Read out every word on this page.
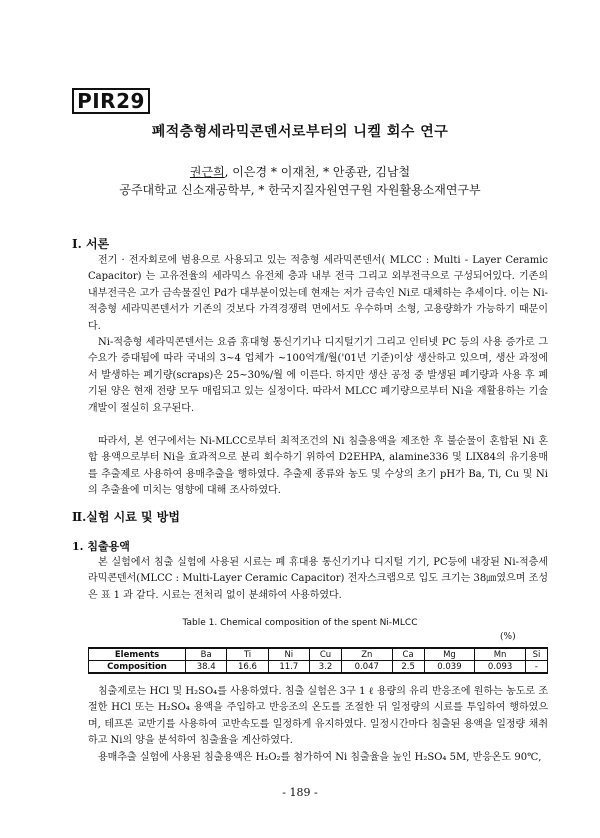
PIR29
폐적층형세라믹콘덴서로부터의 니켈 회수 연구
권근희, 이은경 * 이재천, * 안종관, 김남철
공주대학교 신소재공학부, * 한국지질자원연구원 자원활용소재연구부
Ⅰ. 서론

전기 · 전자회로에 범용으로 사용되고 있는 적층형 세라믹콘덴서( MLCC : Multi - Layer Ceramic Capacitor) 는 고유전율의 세라믹스 유전체 층과 내부 전극 그리고 외부전극으로 구성되어있다. 기존의 내부전극은 고가 금속물질인 Pd가 대부분이었는데 현재는 저가 금속인 Ni로 대체하는 추세이다. 이는 Ni-적층형 세라믹콘덴서가 기존의 것보다 가격경쟁력 면에서도 우수하며 소형, 고용량화가 가능하기 때문이다.

Ni-적층형 세라믹콘덴서는 요즘 휴대형 통신기기나 디지털기기 그리고 인터넷 PC 등의 사용 증가로 그 수요가 증대됨에 따라 국내의 3~4 업체가 ~100억개/월('01년 기준)이상 생산하고 있으며, 생산 과정에서 발생하는 폐기량(scraps)은 25~30%/월 에 이른다. 하지만 생산 공정 중 발생된 폐기량과 사용 후 폐기된 양은 현재 전량 모두 매립되고 있는 실정이다. 따라서 MLCC 폐기량으로부터 Ni을 재활용하는 기술 개발이 절실히 요구된다.

따라서, 본 연구에서는 Ni-MLCC로부터 최적조건의 Ni 침출용액을 제조한 후 불순물이 혼합된 Ni 혼합 용액으로부터 Ni을 효과적으로 분리 회수하기 위하여 D2EHPA, alamine336 및 LIX84의 유기용매를 추출제로 사용하여 용매추출을 행하였다. 추출제 종류와 농도 및 수상의 초기 pH가 Ba, Ti, Cu 및 Ni의 추출율에 미치는 영향에 대해 조사하였다.

Ⅱ.실험 시료 및 방법
1. 침출용액

본 실험에서 침출 실험에 사용된 시료는 폐 휴대용 통신기기나 디지털 기기, PC등에 내장된 Ni-적층세라믹콘덴서(MLCC : Multi-Layer Ceramic Capacitor) 전자스크랩으로 입도 크기는 38㎛였으며 조성은 표 1 과 같다. 시료는 전처리 없이 분쇄하여 사용하였다.

Table 1. Chemical composition of the spent Ni-MLCC
(%)
Elements	Ba	Ti	Ni	Cu	Zn	Ca	Mg	Mn	Si
Composition	38.4	16.6	11.7	3.2	0.047	2.5	0.039	0.093	-

침출제로는 HCl 및 H₂SO₄를 사용하였다. 침출 실험은 3구 1 ℓ 용량의 유리 반응조에 원하는 농도로 조절한 HCl 또는 H₂SO₄ 용액을 주입하고 반응조의 온도를 조절한 뒤 일정량의 시료를 투입하여 행하였으며, 테프론 교반기를 사용하여 교반속도를 일정하게 유지하였다. 일정시간마다 침출된 용액을 일정량 채취하고 Ni의 양을 분석하여 침출율을 계산하였다.

용매추출 실험에 사용된 침출용액은 H₂O₂를 첨가하여 Ni 침출율을 높인 H₂SO₄ 5M, 반응온도 90℃,

- 189 -
